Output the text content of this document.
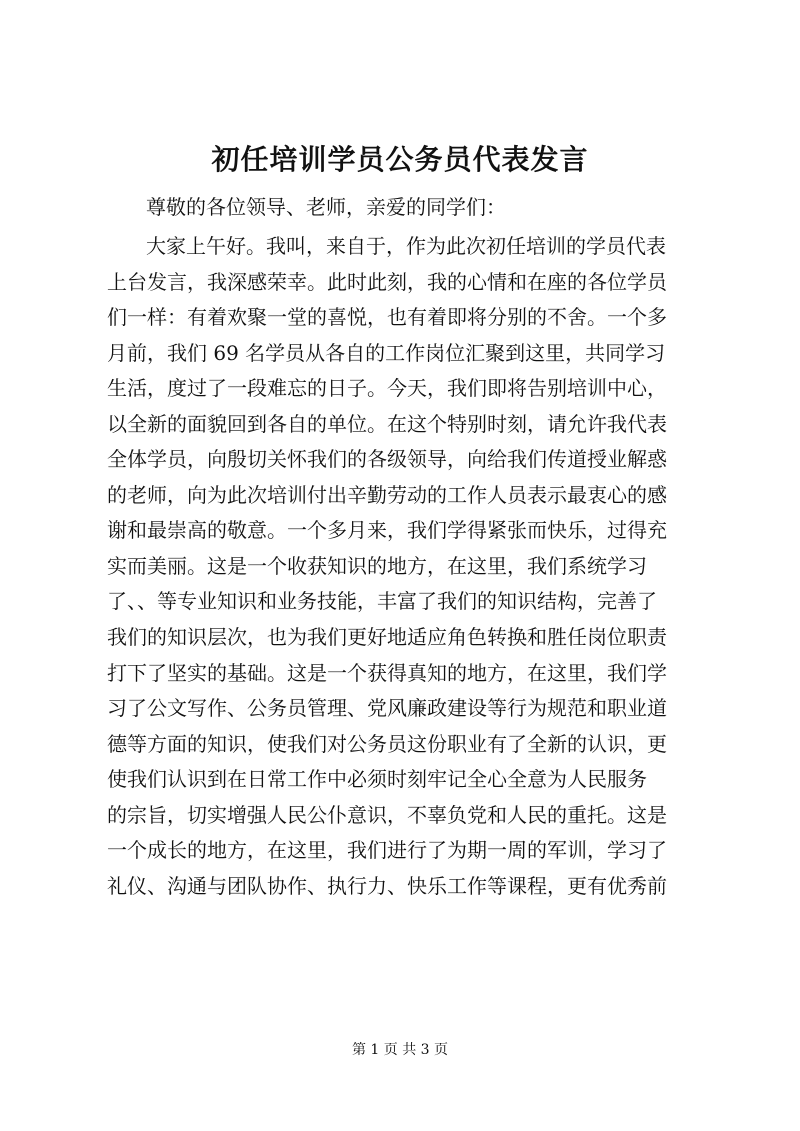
初任培训学员公务员代表发言
尊敬的各位领导、老师，亲爱的同学们：
大家上午好。我叫，来自于，作为此次初任培训的学员代表
上台发言，我深感荣幸。此时此刻，我的心情和在座的各位学员
们一样：有着欢聚一堂的喜悦，也有着即将分别的不舍。一个多
月前，我们 69 名学员从各自的工作岗位汇聚到这里，共同学习
生活，度过了一段难忘的日子。今天，我们即将告别培训中心，
以全新的面貌回到各自的单位。在这个特别时刻，请允许我代表
全体学员，向殷切关怀我们的各级领导，向给我们传道授业解惑
的老师，向为此次培训付出辛勤劳动的工作人员表示最衷心的感
谢和最崇高的敬意。一个多月来，我们学得紧张而快乐，过得充
实而美丽。这是一个收获知识的地方，在这里，我们系统学习
了、、等专业知识和业务技能，丰富了我们的知识结构，完善了
我们的知识层次，也为我们更好地适应角色转换和胜任岗位职责
打下了坚实的基础。这是一个获得真知的地方，在这里，我们学
习了公文写作、公务员管理、党风廉政建设等行为规范和职业道
德等方面的知识，使我们对公务员这份职业有了全新的认识，更
使我们认识到在日常工作中必须时刻牢记全心全意为人民服务
的宗旨，切实增强人民公仆意识，不辜负党和人民的重托。这是
一个成长的地方，在这里，我们进行了为期一周的军训，学习了
礼仪、沟通与团队协作、执行力、快乐工作等课程，更有优秀前
第 1 页 共 3 页
